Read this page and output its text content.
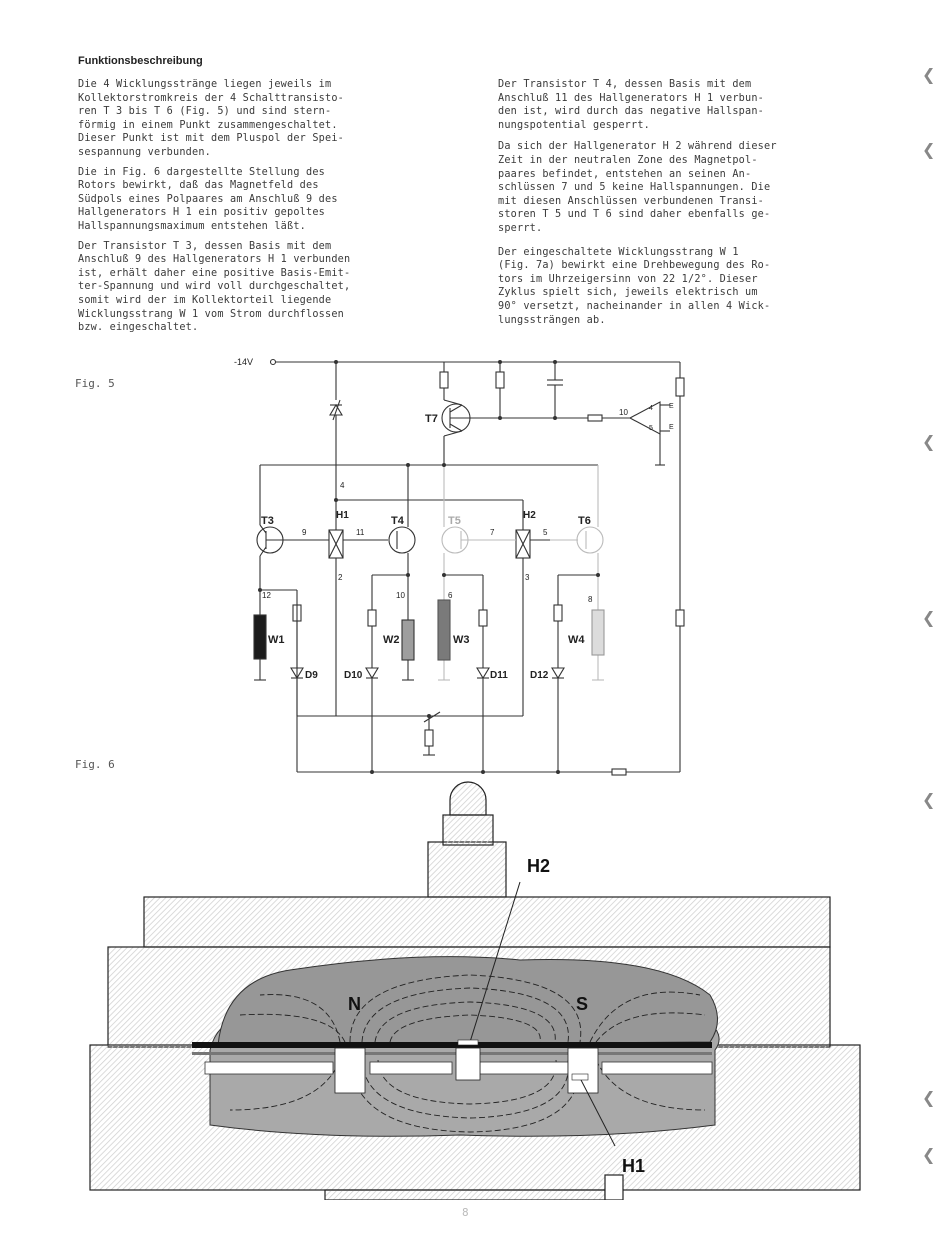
Funktionsbeschreibung

Die 4 Wicklungsstränge liegen jeweils im
Kollektorstromkreis der 4 Schalttransisto-
ren T 3 bis T 6 (Fig. 5) und sind stern-
förmig in einem Punkt zusammengeschaltet.
Dieser Punkt ist mit dem Pluspol der Spei-
sespannung verbunden.

Die in Fig. 6 dargestellte Stellung des
Rotors bewirkt, daß das Magnetfeld des
Südpols eines Polpaares am Anschluß 9 des
Hallgenerators H 1 ein positiv gepoltes
Hallspannungsmaximum entstehen läßt.

Der Transistor T 3, dessen Basis mit dem
Anschluß 9 des Hallgenerators H 1 verbunden
ist, erhält daher eine positive Basis-Emit-
ter-Spannung und wird voll durchgeschaltet,
somit wird der im Kollektorteil liegende
Wicklungsstrang W 1 vom Strom durchflossen
bzw. eingeschaltet.

Der Transistor T 4, dessen Basis mit dem
Anschluß 11 des Hallgenerators H 1 verbun-
den ist, wird durch das negative Hallspan-
nungspotential gesperrt.

Da sich der Hallgenerator H 2 während dieser
Zeit in der neutralen Zone des Magnetpol-
paares befindet, entstehen an seinen An-
schlüssen 7 und 5 keine Hallspannungen. Die
mit diesen Anschlüssen verbundenen Transi-
storen T 5 und T 6 sind daher ebenfalls ge-
sperrt.

Der eingeschaltete Wicklungsstrang W 1
(Fig. 7a) bewirkt eine Drehbewegung des Ro-
tors im Uhrzeigersinn von 22 1/2°. Dieser
Zyklus spielt sich, jeweils elektrisch um
90° versetzt, nacheinander in allen 4 Wick-
lungssträngen ab.

Fig. 5
Fig. 6
-14V
T7
T3	T4	T5	T6
H1	H2
W1	W2	W3	W4
D9	D10	D11 D12
4
2	3
9	11	7	5
12	10	6	8
10	4
5
E
E
H2
H1
N	S
8
❮
❮
❮
❮
❮
❮
❮
